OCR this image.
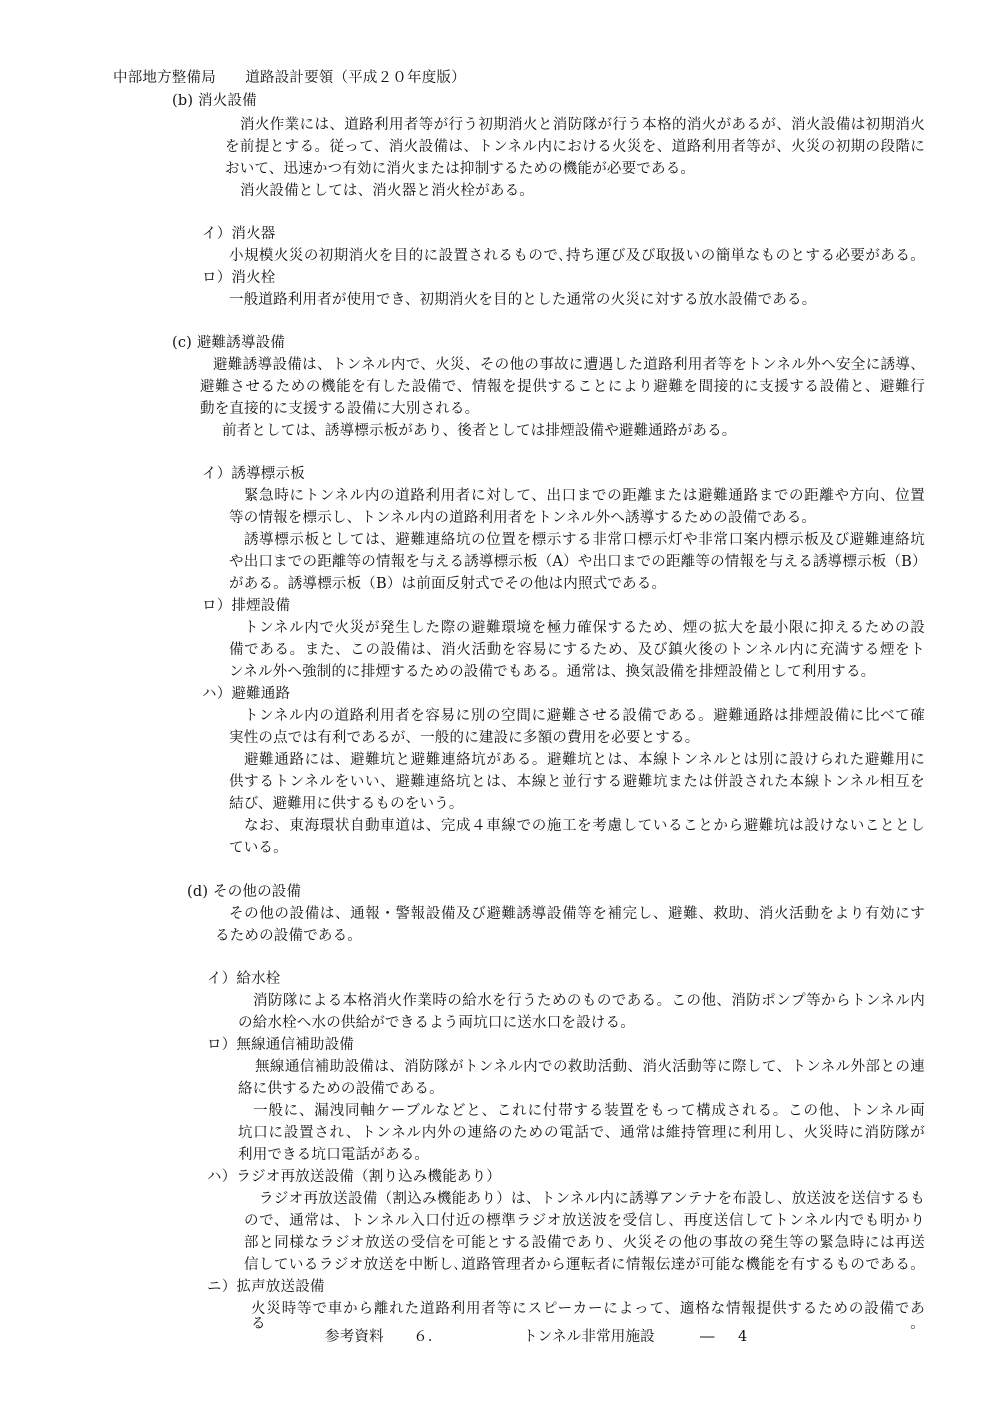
中部地方整備局　　道路設計要領（平成２０年度版）
(b) 消火設備
消火作業には、道路利用者等が行う初期消火と消防隊が行う本格的消火があるが、消火設備は初期消火
を前提とする。従って、消火設備は、トンネル内における火災を、道路利用者等が、火災の初期の段階に
おいて、迅速かつ有効に消火または抑制するための機能が必要である。
消火設備としては、消火器と消火栓がある。
イ）消火器
小規模火災の初期消火を目的に設置されるもので､持ち運び及び取扱いの簡単なものとする必要がある。
ロ）消火栓
一般道路利用者が使用でき、初期消火を目的とした通常の火災に対する放水設備である。
(c) 避難誘導設備
避難誘導設備は、トンネル内で、火災、その他の事故に遭遇した道路利用者等をトンネル外へ安全に誘導、
避難させるための機能を有した設備で、情報を提供することにより避難を間接的に支援する設備と、避難行
動を直接的に支援する設備に大別される。
前者としては、誘導標示板があり、後者としては排煙設備や避難通路がある。
イ）誘導標示板
緊急時にトンネル内の道路利用者に対して、出口までの距離または避難通路までの距離や方向、位置
等の情報を標示し、トンネル内の道路利用者をトンネル外へ誘導するための設備である。
誘導標示板としては、避難連絡坑の位置を標示する非常口標示灯や非常口案内標示板及び避難連絡坑
や出口までの距離等の情報を与える誘導標示板（A）や出口までの距離等の情報を与える誘導標示板（B）
がある。誘導標示板（B）は前面反射式でその他は内照式である。
ロ）排煙設備
トンネル内で火災が発生した際の避難環境を極力確保するため、煙の拡大を最小限に抑えるための設
備である。また、この設備は、消火活動を容易にするため、及び鎮火後のトンネル内に充満する煙をト
ンネル外へ強制的に排煙するための設備でもある。通常は、換気設備を排煙設備として利用する。
ハ）避難通路
トンネル内の道路利用者を容易に別の空間に避難させる設備である。避難通路は排煙設備に比べて確
実性の点では有利であるが、一般的に建設に多額の費用を必要とする。
避難通路には、避難坑と避難連絡坑がある。避難坑とは、本線トンネルとは別に設けられた避難用に
供するトンネルをいい、避難連絡坑とは、本線と並行する避難坑または併設された本線トンネル相互を
結び、避難用に供するものをいう。
なお、東海環状自動車道は、完成４車線での施工を考慮していることから避難坑は設けないこととし
ている。
(d) その他の設備
その他の設備は、通報・警報設備及び避難誘導設備等を補完し、避難、救助、消火活動をより有効にす
るための設備である。
イ）給水栓
消防隊による本格消火作業時の給水を行うためのものである。この他、消防ポンプ等からトンネル内
の給水栓へ水の供給ができるよう両坑口に送水口を設ける。
ロ）無線通信補助設備
無線通信補助設備は、消防隊がトンネル内での救助活動、消火活動等に際して、トンネル外部との連
絡に供するための設備である。
一般に、漏洩同軸ケーブルなどと、これに付帯する装置をもって構成される。この他、トンネル両
坑口に設置され、トンネル内外の連絡のための電話で、通常は維持管理に利用し、火災時に消防隊が
利用できる坑口電話がある。
ハ）ラジオ再放送設備（割り込み機能あり）
ラジオ再放送設備（割込み機能あり）は、トンネル内に誘導アンテナを布設し、放送波を送信するも
ので、通常は、トンネル入口付近の標準ラジオ放送波を受信し、再度送信してトンネル内でも明かり
部と同様なラジオ放送の受信を可能とする設備であり、火災その他の事故の発生等の緊急時には再送
信しているラジオ放送を中断し､道路管理者から運転者に情報伝達が可能な機能を有するものである。
ニ）拡声放送設備
火災時等で車から離れた道路利用者等にスピーカーによって、適格な情報提供するための設備である。
参考資料　　６．	トンネル非常用施設	― 4
